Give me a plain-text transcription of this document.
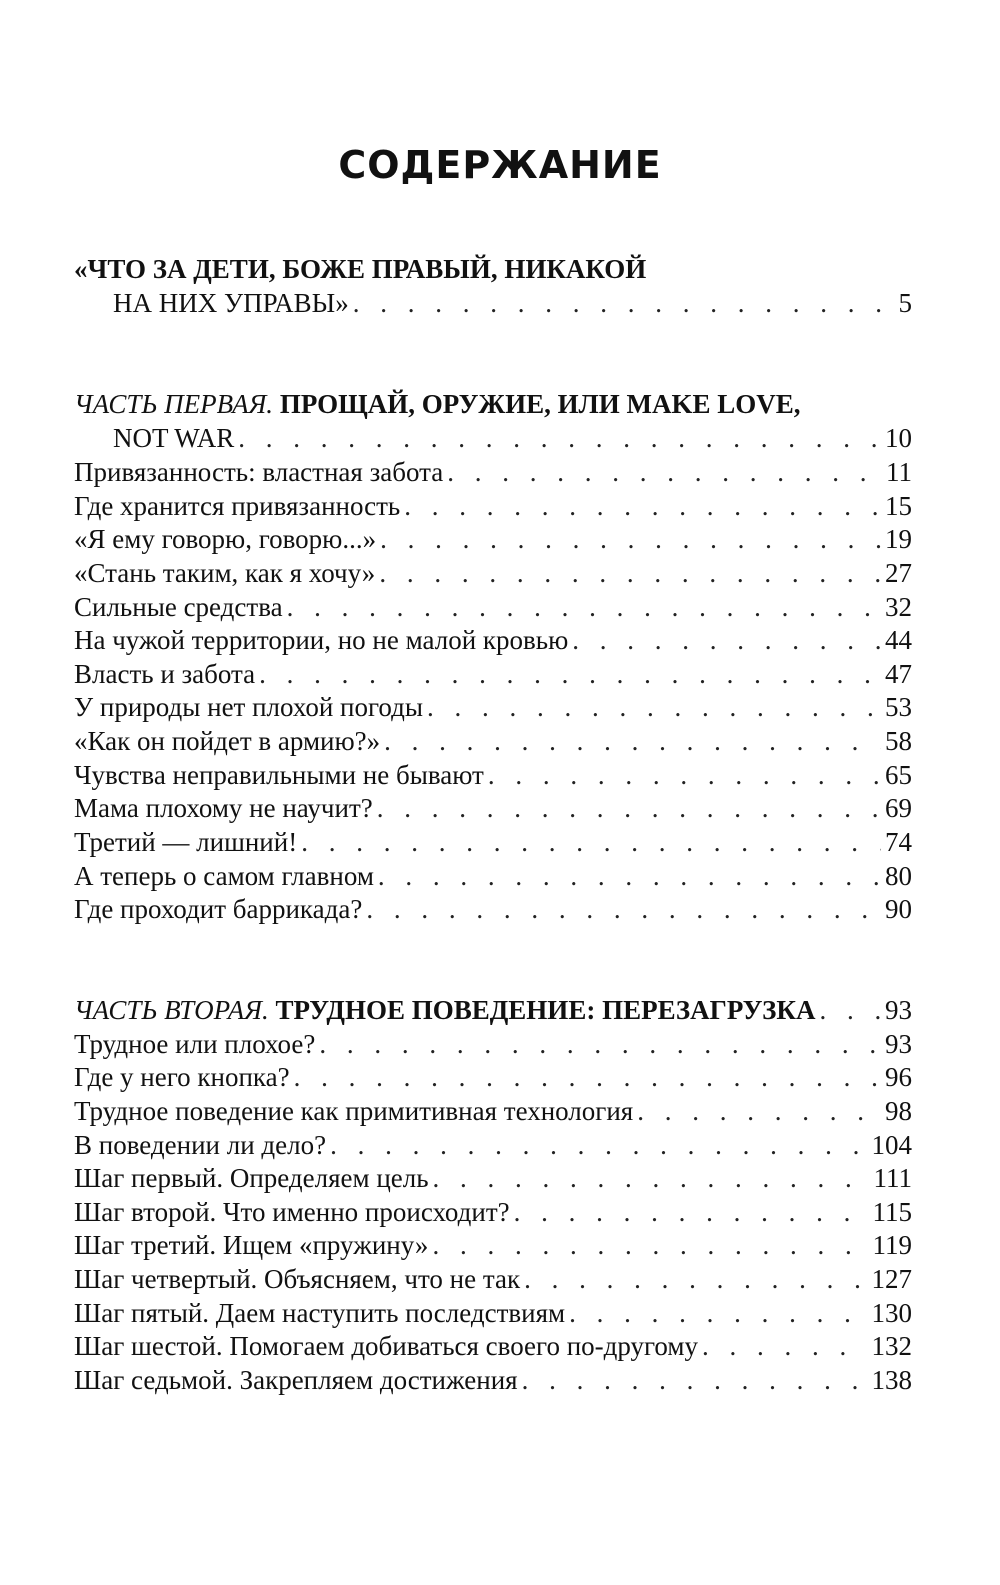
СОДЕРЖАНИЕ
«ЧТО ЗА ДЕТИ, БОЖЕ ПРАВЫЙ, НИКАКОЙ
НА НИХ УПРАВЫ» . . .	5
ЧАСТЬ ПЕРВАЯ. ПРОЩАЙ, ОРУЖИЕ, ИЛИ MAKE LOVE,
NOT WAR . . .	10
Привязанность: властная забота . . .	11
Где хранится привязанность . . .	15
«Я ему говорю, говорю...» . . .	19
«Стань таким, как я хочу» . . .	27
Сильные средства . . .	32
На чужой территории, но не малой кровью . . .	44
Власть и забота . . .	47
У природы нет плохой погоды . . .	53
«Как он пойдет в армию?» . . .	58
Чувства неправильными не бывают . . .	65
Мама плохому не научит? . . .	69
Третий — лишний! . . .	74
А теперь о самом главном . . .	80
Где проходит баррикада? . . .	90
ЧАСТЬ ВТОРАЯ. ТРУДНОЕ ПОВЕДЕНИЕ: ПЕРЕЗАГРУЗКА . . .	93
Трудное или плохое? . . .	93
Где у него кнопка? . . .	96
Трудное поведение как примитивная технология . . .	98
В поведении ли дело? . . .	104
Шаг первый. Определяем цель . . .	111
Шаг второй. Что именно происходит? . . .	115
Шаг третий. Ищем «пружину» . . .	119
Шаг четвертый. Объясняем, что не так . . .	127
Шаг пятый. Даем наступить последствиям . . .	130
Шаг шестой. Помогаем добиваться своего по-другому . . .	132
Шаг седьмой. Закрепляем достижения . . .	138
